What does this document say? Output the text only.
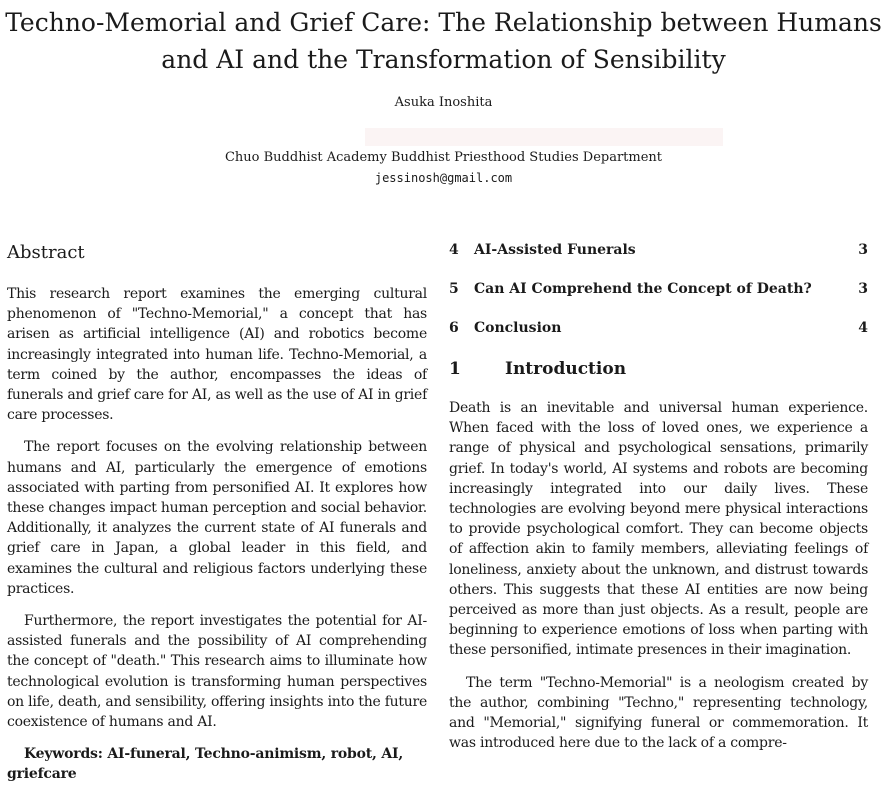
Techno-Memorial and Grief Care: The Relationship between Humans
and AI and the Transformation of Sensibility
Asuka Inoshita
Chuo Buddhist Academy Buddhist Priesthood Studies Department
jessinosh@gmail.com
Abstract

This research report examines the emerging cultural phenomenon of "Techno-Memorial," a concept that has arisen as artificial intelligence (AI) and robotics become increasingly integrated into human life. Techno-Memorial, a term coined by the author, encompasses the ideas of funerals and grief care for AI, as well as the use of AI in grief care processes.

The report focuses on the evolving relationship between humans and AI, particularly the emergence of emotions associated with parting from personified AI. It explores how these changes impact human perception and social behavior. Additionally, it analyzes the current state of AI funerals and grief care in Japan, a global leader in this field, and examines the cultural and religious factors underlying these practices.

Furthermore, the report investigates the potential for AI-assisted funerals and the possibility of AI comprehending the concept of "death." This research aims to illuminate how technological evolution is transforming human perspectives on life, death, and sensibility, offering insights into the future coexistence of humans and AI.

Keywords: AI-funeral, Techno-animism, robot, AI, griefcare
4	AI-Assisted Funerals	3
5	Can AI Comprehend the Concept of Death?	3
6	Conclusion	4
1	Introduction

Death is an inevitable and universal human experience. When faced with the loss of loved ones, we experience a range of physical and psychological sensations, primarily grief. In today's world, AI systems and robots are becoming increasingly integrated into our daily lives. These technologies are evolving beyond mere physical interactions to provide psychological comfort. They can become objects of affection akin to family members, alleviating feelings of loneliness, anxiety about the unknown, and distrust towards others. This suggests that these AI entities are now being perceived as more than just objects. As a result, people are beginning to experience emotions of loss when parting with these personified, intimate presences in their imagination.

The term "Techno-Memorial" is a neologism created by the author, combining "Techno," representing technology, and "Memorial," signifying funeral or commemoration. It was introduced here due to the lack of a compre-
